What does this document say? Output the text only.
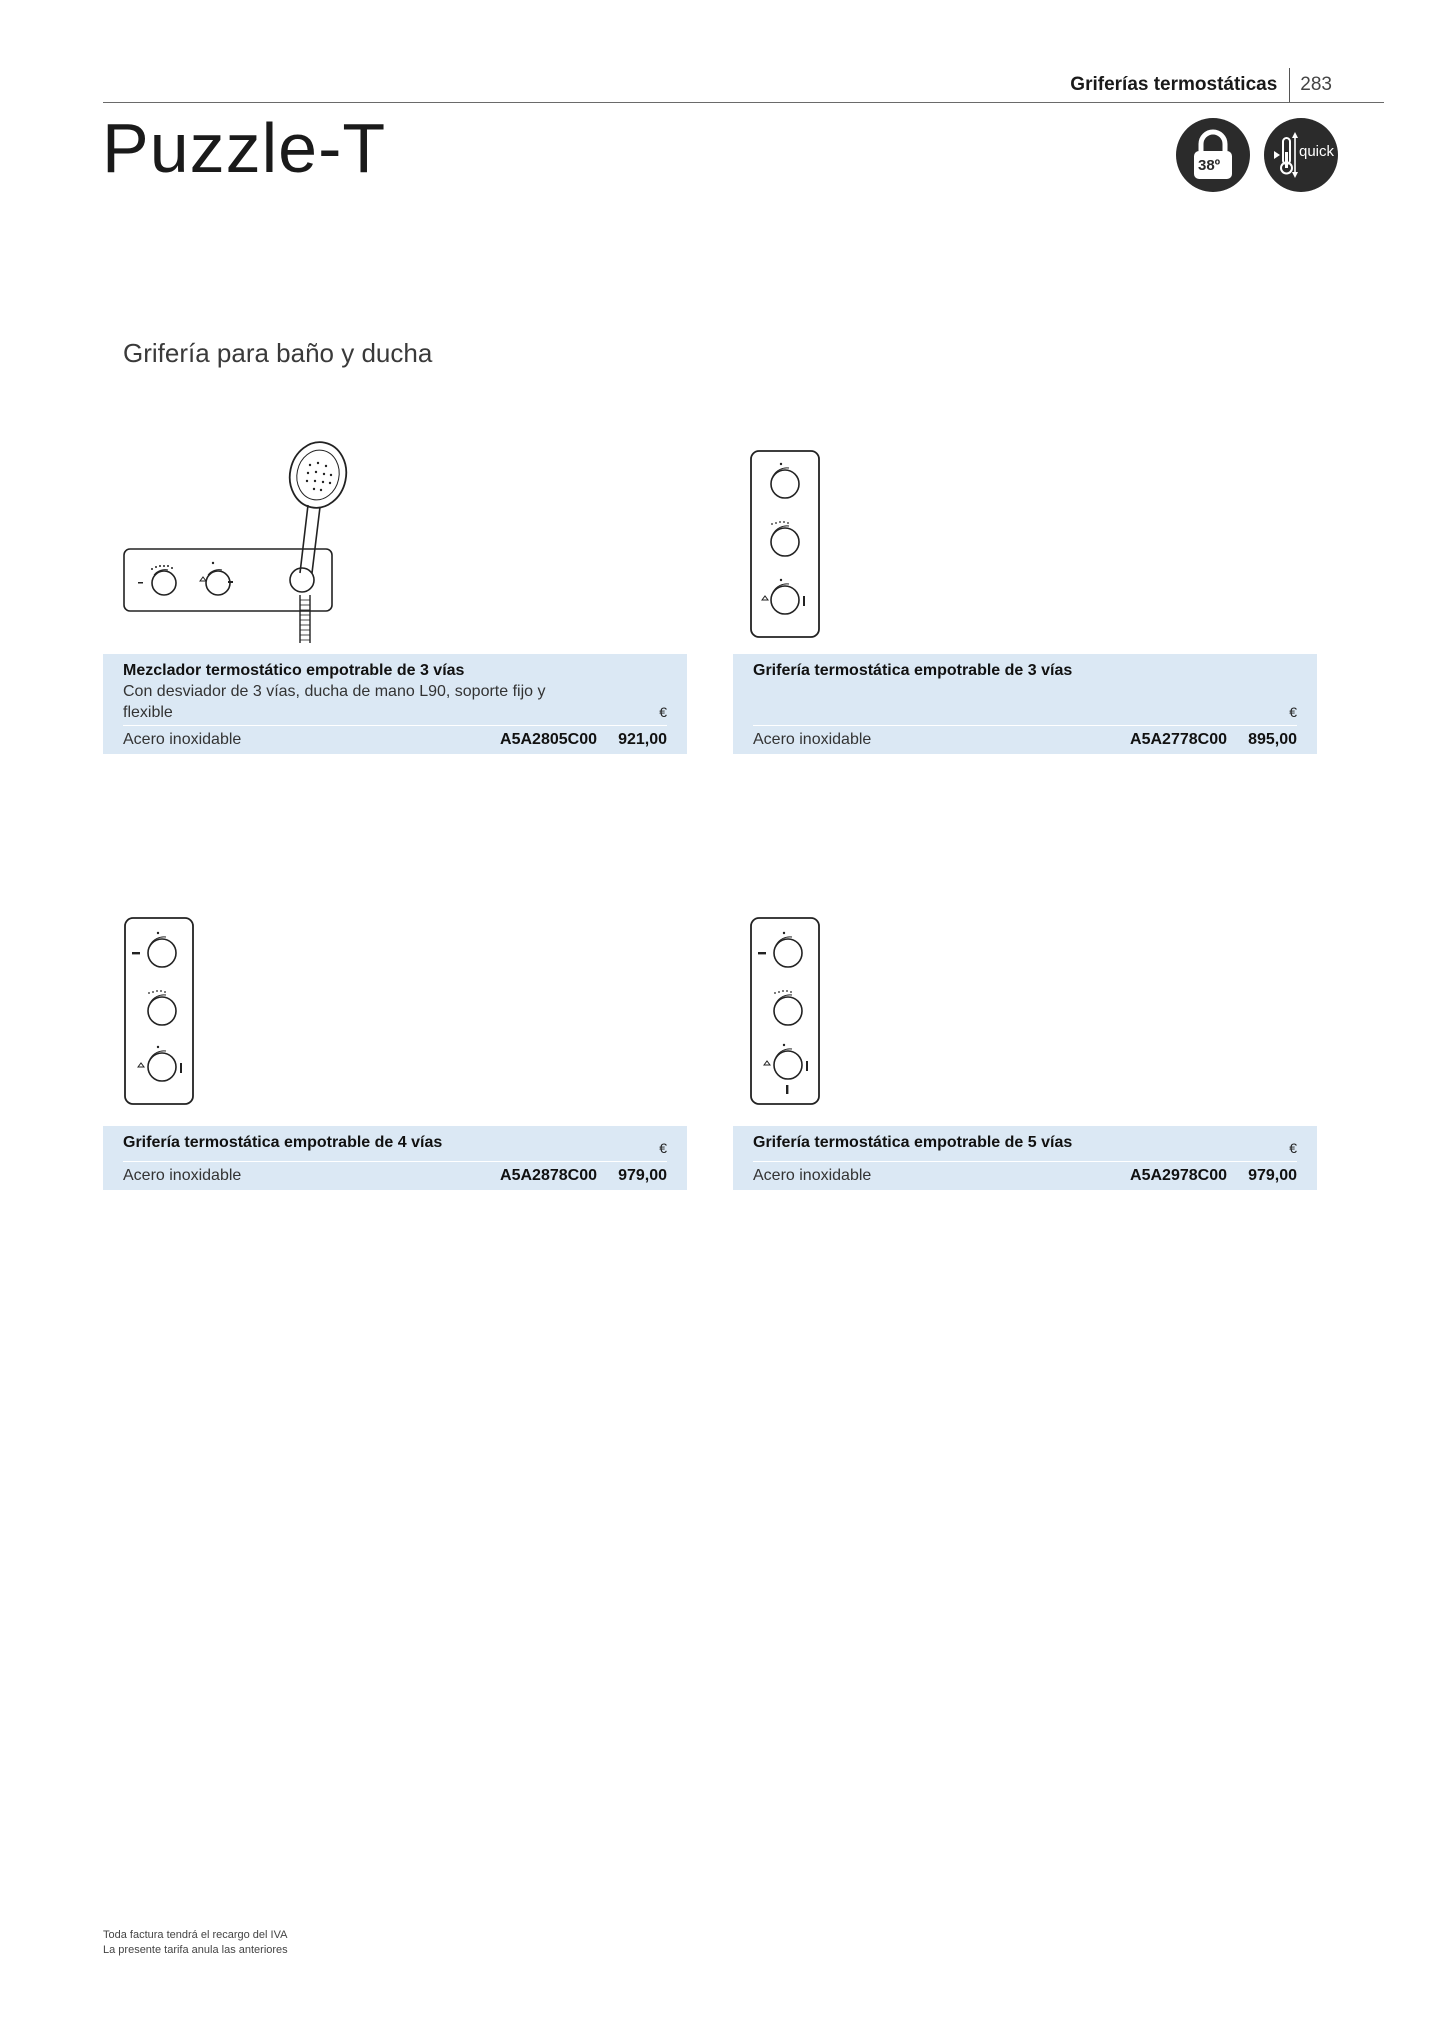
Griferías termostáticas	283
Puzzle-T	38º
quick
Grifería para baño y ducha
Mezclador termostático empotrable de 3 vías
Con desviador de 3 vías, ducha de mano L90, soporte fijo y flexible	€
Acero inoxidable	A5A2805C00 921,00
Grifería termostática empotrable de 3 vías
€
Acero inoxidable	A5A2778C00 895,00
Grifería termostática empotrable de 4 vías	€
Acero inoxidable	A5A2878C00 979,00
Grifería termostática empotrable de 5 vías	€
Acero inoxidable	A5A2978C00 979,00
Toda factura tendrá el recargo del IVA
La presente tarifa anula las anteriores
